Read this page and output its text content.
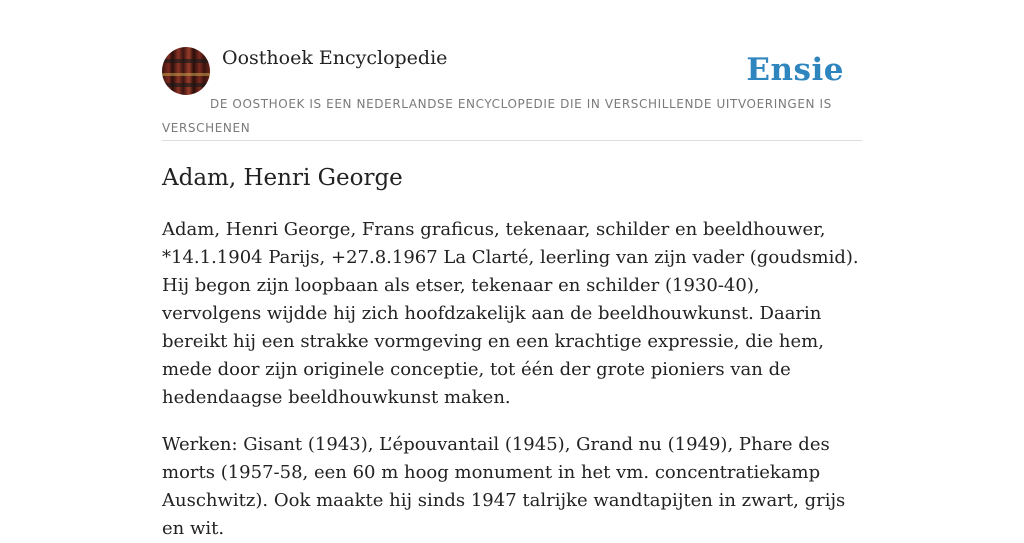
Oosthoek Encyclopedie	Ensie
DE OOSTHOEK IS EEN NEDERLANDSE ENCYCLOPEDIE DIE IN VERSCHILLENDE UITVOERINGEN IS VERSCHENEN
Adam, Henri George

Adam, Henri George, Frans graficus, tekenaar, schilder en beeldhouwer, *14.1.1904 Parijs, +27.8.1967 La Clarté, leerling van zijn vader (goudsmid). Hij begon zijn loopbaan als etser, tekenaar en schilder (1930-40), vervolgens wijdde hij zich hoofdzakelijk aan de beeldhouwkunst. Daarin bereikt hij een strakke vormgeving en een krachtige expressie, die hem, mede door zijn originele conceptie, tot één der grote pioniers van de hedendaagse beeldhouwkunst maken.

Werken: Gisant (1943), L’épouvantail (1945), Grand nu (1949), Phare des morts (1957-58, een 60 m hoog monument in het vm. concentratiekamp Auschwitz). Ook maakte hij sinds 1947 talrijke wandtapijten in zwart, grijs en wit.
